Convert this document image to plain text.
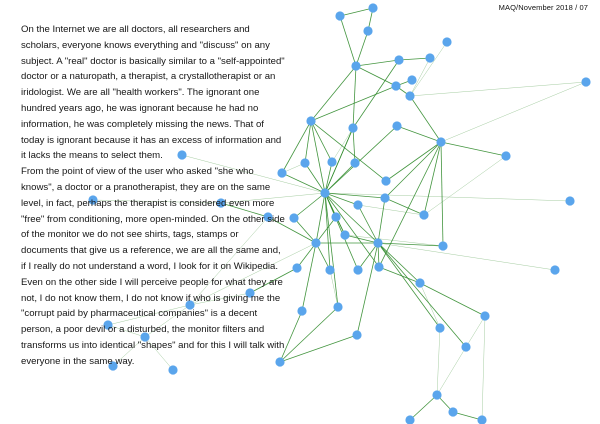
MAQ/November 2018 / 07

On the Internet we are all doctors, all researchers and scholars, everyone knows everything and "discuss" on any subject. A "real" doctor is basically similar to a "self-appointed" doctor or a naturopath, a therapist, a crystallotherapist or an iridologist. We are all "health workers". The ignorant one hundred years ago, he was ignorant because he had no information, he was completely missing the news. That of today is ignorant because it has an excess of information and it lacks the means to select them.

From the point of view of the user who asked "she who knows", a doctor or a pranotherapist, they are on the same level, in fact, perhaps the therapist is considered even more "free" from conditioning, more open-minded. On the other side of the monitor we do not see shirts, tags, stamps or documents that give us a reference, we are all the same and, if I really do not understand a word, I look for it on Wikipedia. Even on the other side I will perceive people for what they are not, I do not know them, I do not know if who is giving me the "corrupt paid by pharmaceutical companies" is a decent person, a poor devil or a disturbed, the monitor filters and transforms us into identical "shapes" and for this I will talk with everyone in the same way.
